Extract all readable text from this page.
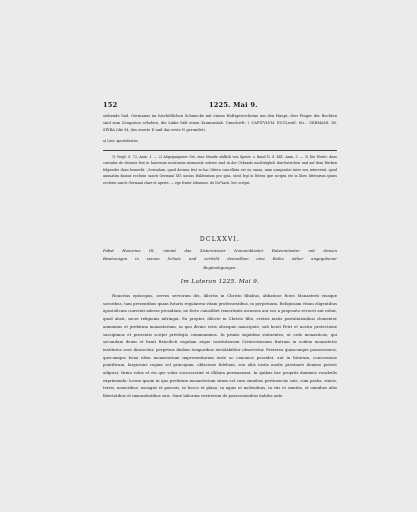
152	1225. Mai 9.

siebende heil. Germanus im bischöflichen Schmucke mit einem Hoftigerrscheine um den Haupt; drei Finger der Rechten sind zum Zeugnisse erhoben, die Linke hält einen Krummstab. Umschrift: † CAPITVLVM. ECCLesiE. Sti... GERMANI. IN. SPIRA (die M, das zweite E und das erste N gerundet).

a) Lies: apostolicitus.

1) Vergl: S. 73, Anm. 1. — 2) Abgegangener Ort, eine Stunde südlich von Speier, s. Band II, S. 441, Anm. 3. — 3) Die Worte: duas carradas de decimis fest in harrerum nostrarum memorale solvere sind in der Urkunde nachträglich durchstrichen und auf dem Rücken folgendes dazu bemerkt: „Sciendum, quod decima fest in hac littera cancellata est ea causa, nam compositio inter nos intervenit, quod annuatim damus ecclesie sancti Germani XVI uncias Hallensium pro ipsa, sicut legi in littera que scripta est in libro litterarum ipsius ecclesie sancti Germani clare et aperte. — ego frater Iohannes, de Du*sach, hec scripsi.

DCLXXVI.
Pabst Honorius III. nimmt das Zisterzienser Nonnenkloster Rotenmünster mit dessen
Besitzungen in seinen Schutz und verleiht demselben eine Reihe näher angegebener
Begünstigungen.
Im Lateran 1225. Mai 9.

Honorius episcopus, servus servorum dei, dilectis in Christo filiabus, abbatisse Rotei Monasterii eiusque sororibus, tam presentibus quam futuris regularem vitam professentibus, in perpetuum. Religiosam vitam eligentibus apostolicum convenit adesse presidium, ne forte cuiuslibet temeritatis incursus aut eos a proposito revocet aut robur, quod absit, sacre religionis infringat. Ea propter, dilecte in Christo filie, vestris iustis postulationibus clementer annuimus et prefatum monasterium, in quo divino estis obsequio mancipate, sub beati Petri et nostra protectione suscipimus et presentis scripti privilegio communimus. In primis siquidem statuentes, ut ordo monasticus, qui secundum deum et beati Benedicti regulam atque institutionem Cisterciensium fratrum in eodem monasterio institutus esse dinoscitur, perpetuis ibidem temporibus inviolabiliter observetur. Preterea quascunque possessiones, quecumque bona idem monasterium impresentiarum iuste ac canonice possidet, aut in futurum, concessione pontificum, largicione regum vel principum, oblacione fidelium, seu aliis iustis modis prestante domino poterit adipisci, firma vobis et eis que vobis successerint et illibata permaneant. In quibus hec propriis duximus vocabulis exprimenda: locum ipsum in quo prefatum monasterium situm est cum omnibus pertinenciis suis, cum pratis, vineis, terris, nemoribus, usuagiis et pascuis, in bosco et plano, in aquis et molendinis, in viis et semitis, et omnibus aliis libertatibus et immunitatibus suis. Sane laborum vestrorum de possessionibus habitis ante
